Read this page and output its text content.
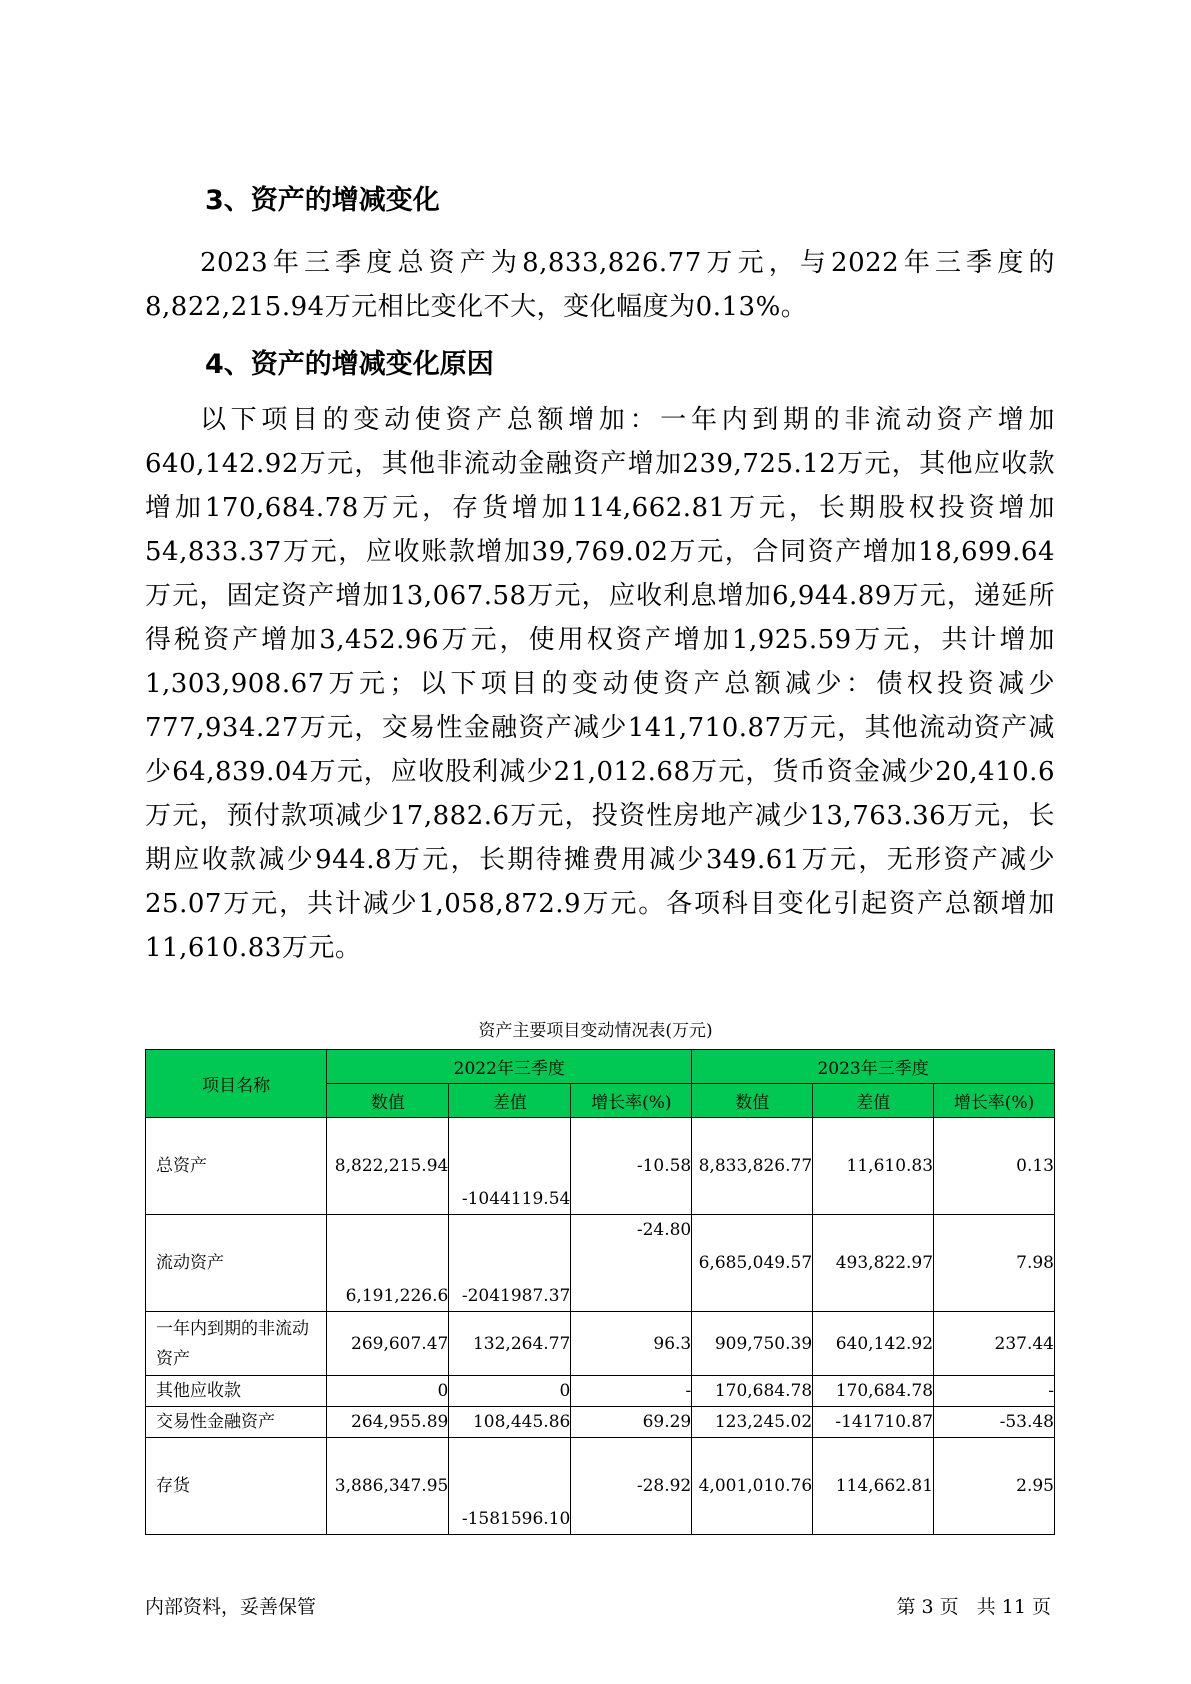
3、资产的增减变化

2023年三季度总资产为8,833,826.77万元，与2022年三季度的8,822,215.94万元相比变化不大，变化幅度为0.13%。

4、资产的增减变化原因

以下项目的变动使资产总额增加：一年内到期的非流动资产增加640,142.92万元，其他非流动金融资产增加239,725.12万元，其他应收款增加170,684.78万元，存货增加114,662.81万元，长期股权投资增加54,833.37万元，应收账款增加39,769.02万元，合同资产增加18,699.64万元，固定资产增加13,067.58万元，应收利息增加6,944.89万元，递延所得税资产增加3,452.96万元，使用权资产增加1,925.59万元，共计增加1,303,908.67万元；以下项目的变动使资产总额减少：债权投资减少777,934.27万元，交易性金融资产减少141,710.87万元，其他流动资产减少64,839.04万元，应收股利减少21,012.68万元，货币资金减少20,410.6万元，预付款项减少17,882.6万元，投资性房地产减少13,763.36万元，长期应收款减少944.8万元，长期待摊费用减少349.61万元，无形资产减少25.07万元，共计减少1,058,872.9万元。各项科目变化引起资产总额增加11,610.83万元。

资产主要项目变动情况表(万元)
项目名称	2022年三季度			2023年三季度		
	数值	差值	增长率(%)	数值	差值	增长率(%)
总资产	8,822,215.94	-1044119.54	-10.58	8,833,826.77	11,610.83	0.13
流动资产	6,191,226.6	-2041987.37	-24.80	6,685,049.57	493,822.97	7.98
一年内到期的非流动资产	269,607.47	132,264.77	96.3	909,750.39	640,142.92	237.44
其他应收款	0	0	-	170,684.78	170,684.78	-
交易性金融资产	264,955.89	108,445.86	69.29	123,245.02	-141710.87	-53.48
存货	3,886,347.95	-1581596.10	-28.92	4,001,010.76	114,662.81	2.95
内部资料，妥善保管	第 3 页   共 11 页
